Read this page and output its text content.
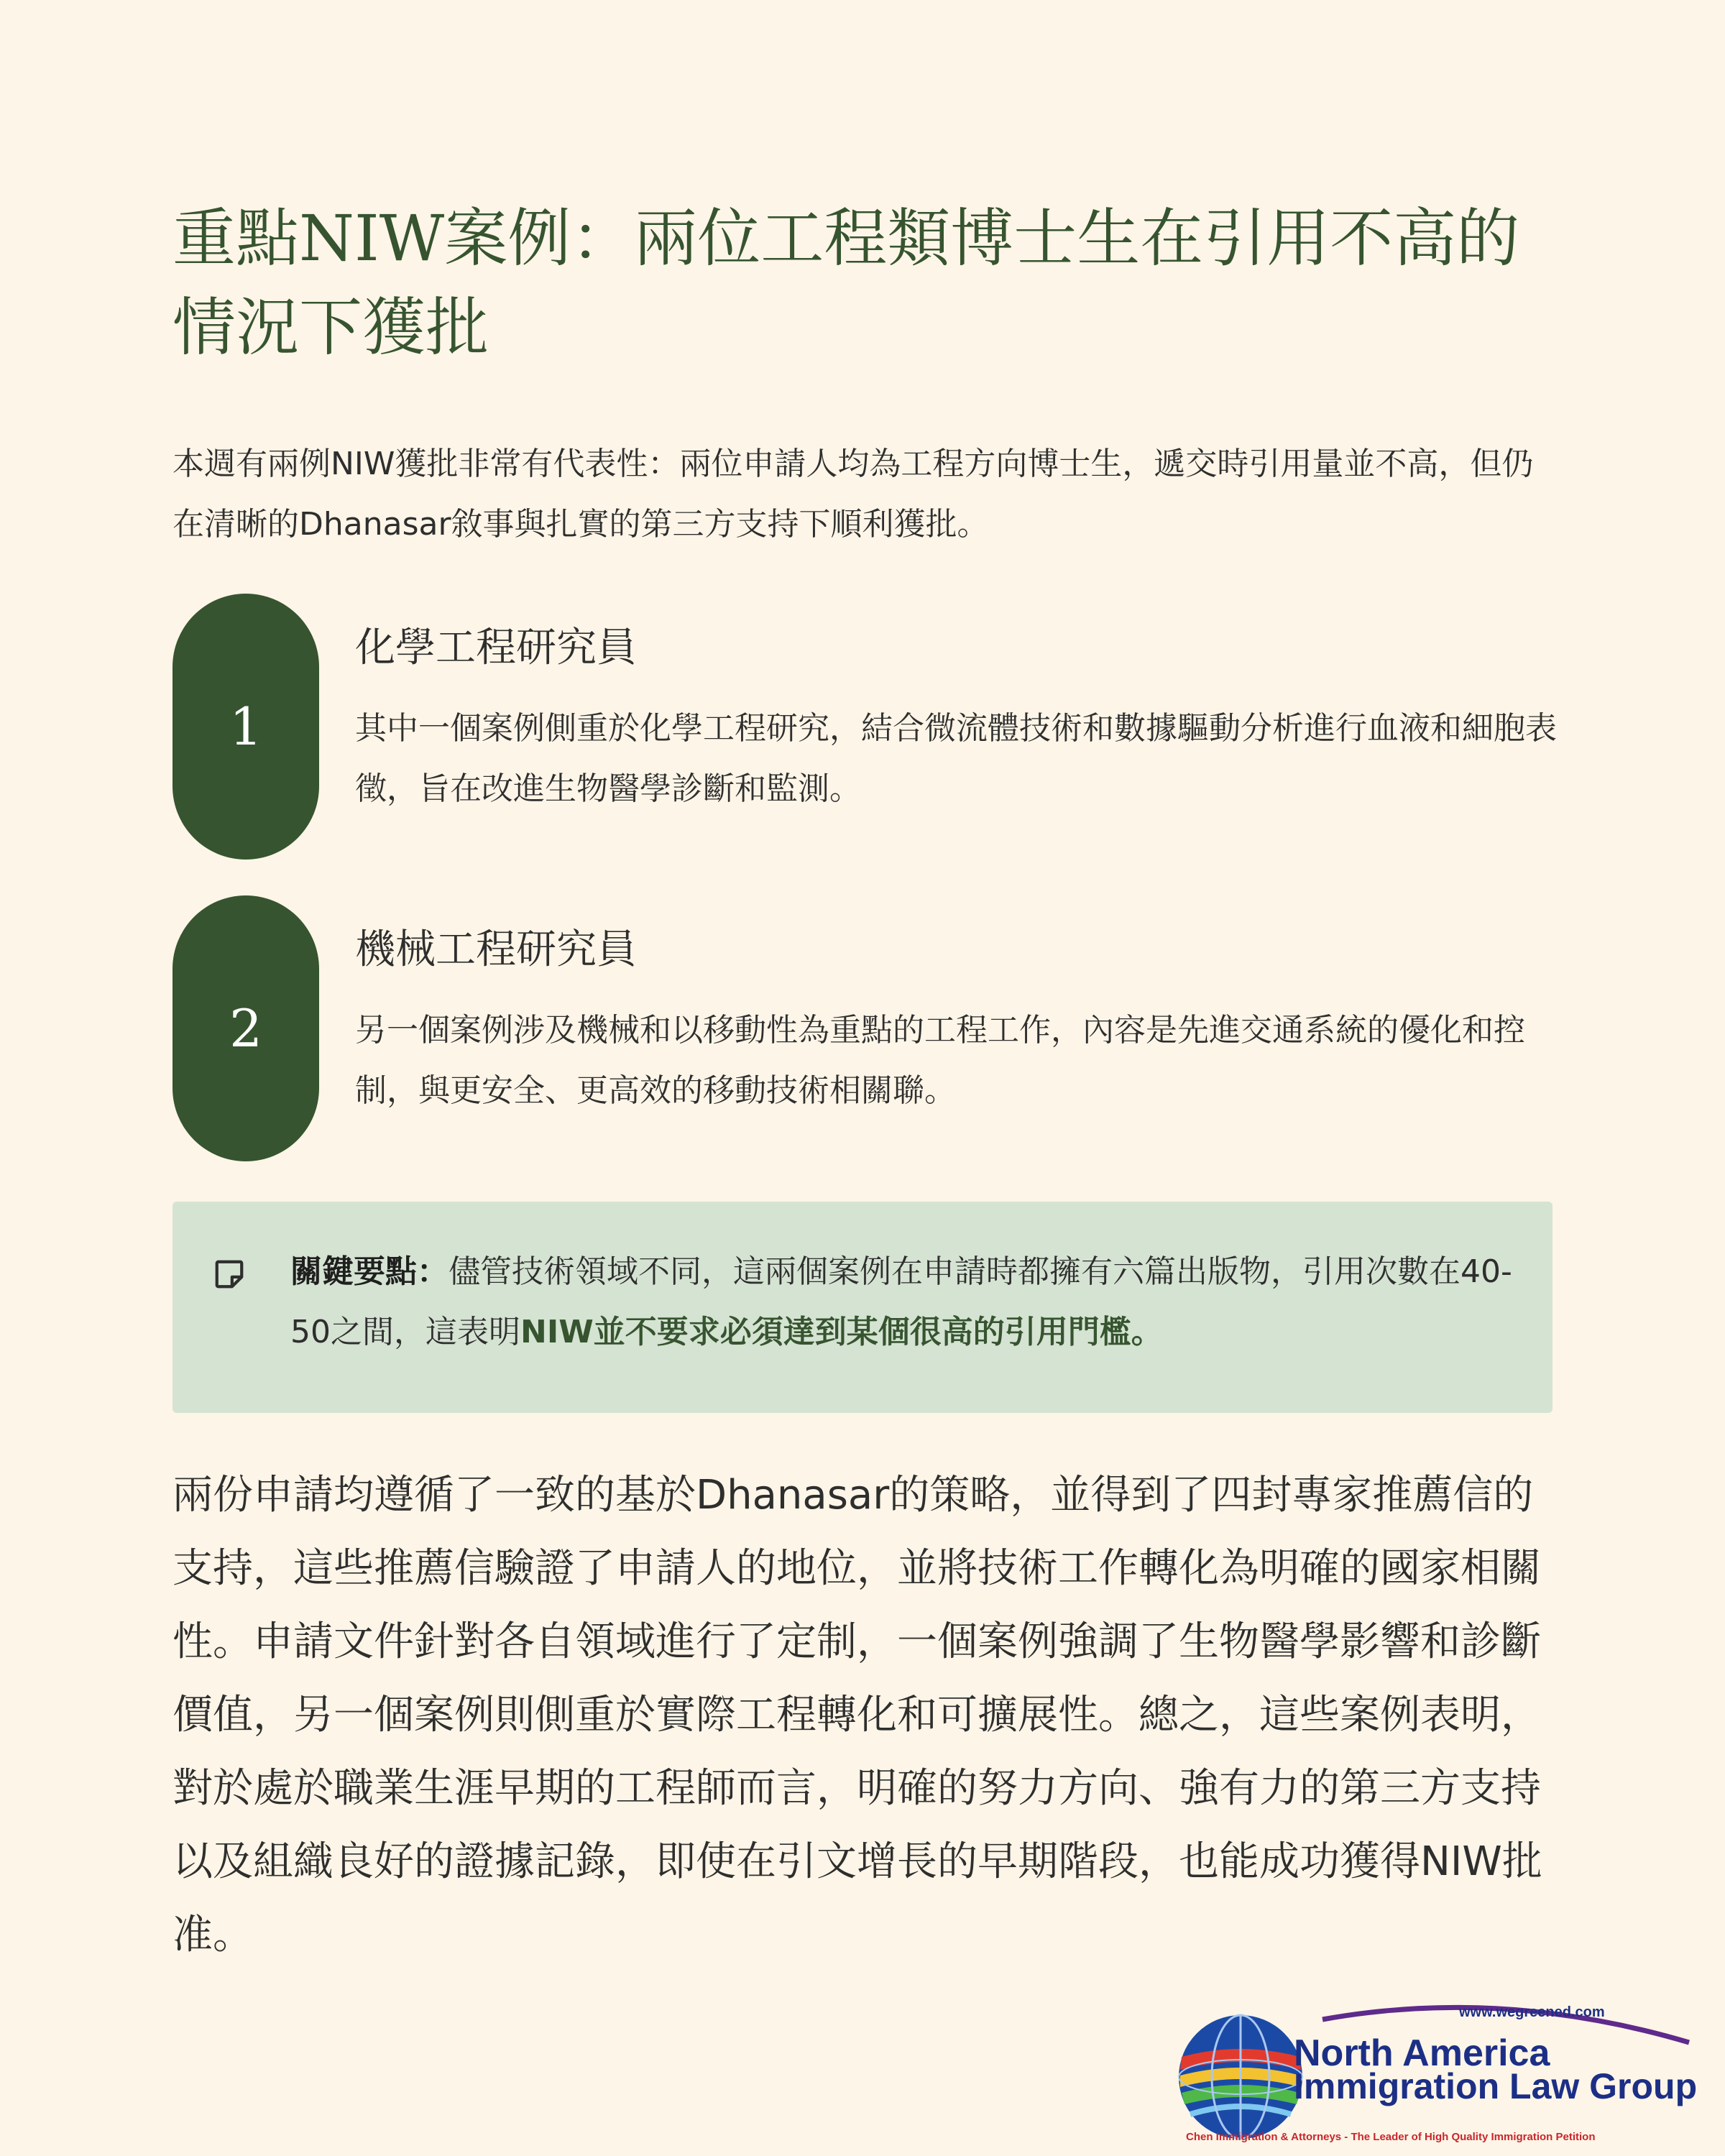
重點NIW案例：兩位工程類博士生在引用不高的情況下獲批

本週有兩例NIW獲批非常有代表性：兩位申請人均為工程方向博士生，遞交時引用量並不高，但仍在清晰的Dhanasar敘事與扎實的第三方支持下順利獲批。

1
化學工程研究員

其中一個案例側重於化學工程研究，結合微流體技術和數據驅動分析進行血液和細胞表徵，旨在改進生物醫學診斷和監測。

2
機械工程研究員

另一個案例涉及機械和以移動性為重點的工程工作，內容是先進交通系統的優化和控制，與更安全、更高效的移動技術相關聯。

關鍵要點：儘管技術領域不同，這兩個案例在申請時都擁有六篇出版物，引用次數在40-50之間，這表明NIW並不要求必須達到某個很高的引用門檻。

兩份申請均遵循了一致的基於Dhanasar的策略，並得到了四封專家推薦信的支持，這些推薦信驗證了申請人的地位，並將技術工作轉化為明確的國家相關性。申請文件針對各自領域進行了定制，一個案例強調了生物醫學影響和診斷價值，另一個案例則側重於實際工程轉化和可擴展性。總之，這些案例表明，對於處於職業生涯早期的工程師而言，明確的努力方向、強有力的第三方支持以及組織良好的證據記錄，即使在引文增長的早期階段，也能成功獲得NIW批准。

www.wegreened.com
North America
Immigration Law Group
Chen Immigration & Attorneys - The Leader of High Quality Immigration Petition
